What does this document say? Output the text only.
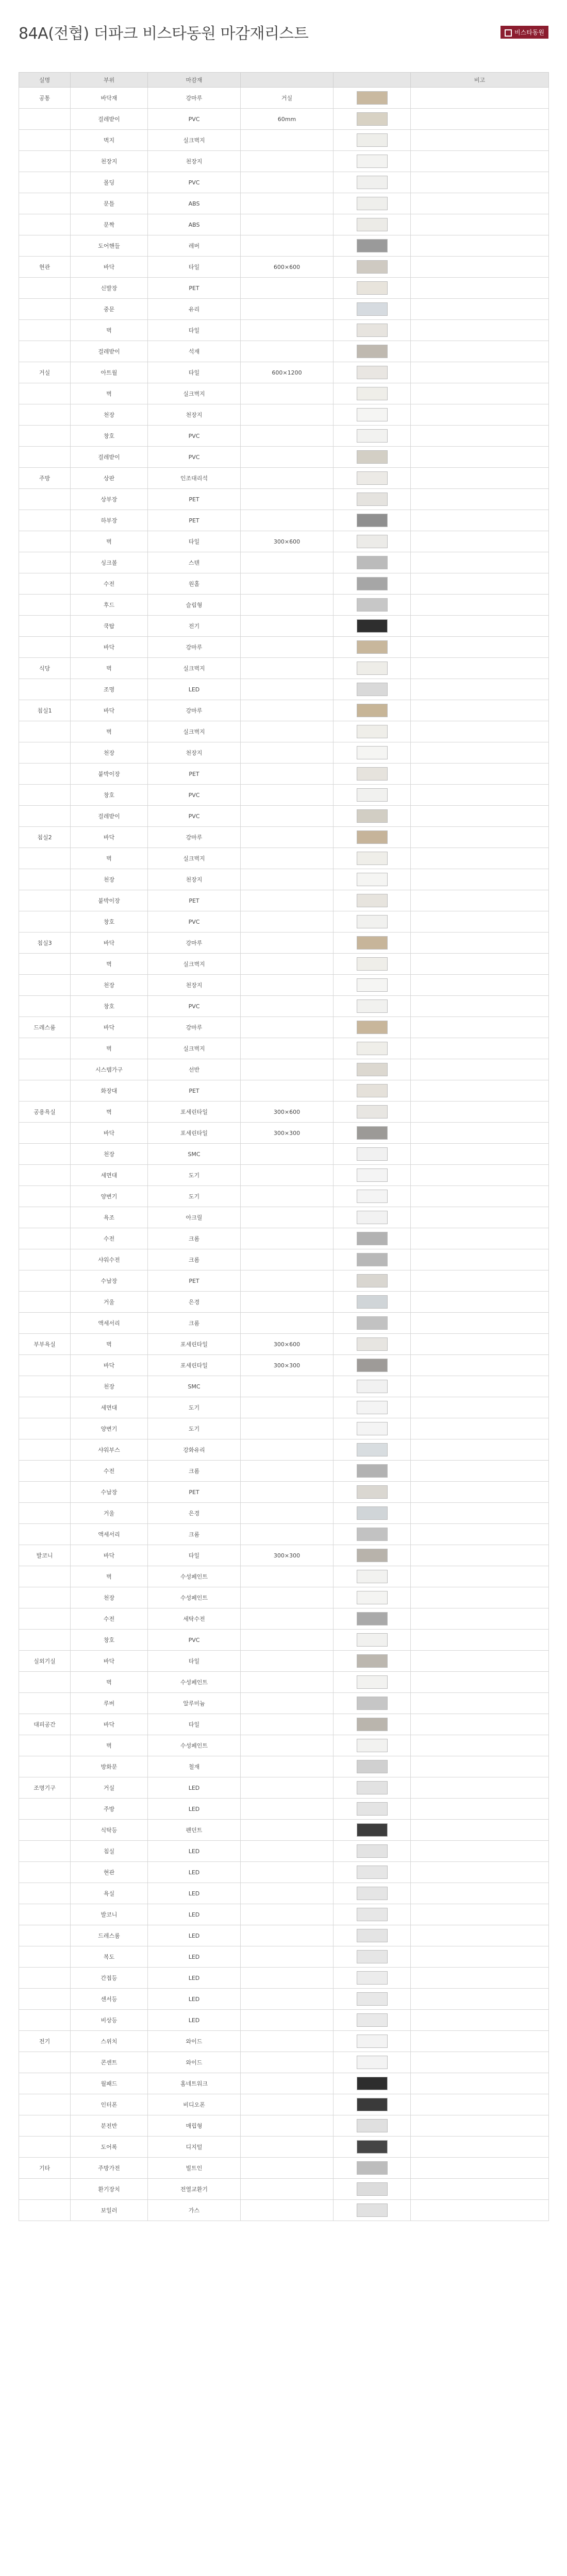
84A(전협) 더파크 비스타동원 마감재리스트	비스타동원
실명	부위	마감재			비고
공통	바닥재	강마루	거실	

	걸레받이	PVC	60mm	

	벽지	실크벽지		

	천장지	천장지		

	몰딩	PVC		

	문틀	ABS		

	문짝	ABS		

	도어핸들	레버		

현관	바닥	타일	600×600	

	신발장	PET		

	중문	유리		

	벽	타일		

	걸레받이	석재		

거실	아트월	타일	600×1200	

	벽	실크벽지		

	천장	천장지		

	창호	PVC		

	걸레받이	PVC		

주방	상판	인조대리석		

	상부장	PET		

	하부장	PET		

	벽	타일	300×600	

	싱크볼	스텐		

	수전	원홀		

	후드	슬림형		

	쿡탑	전기		

	바닥	강마루		

식당	벽	실크벽지		

	조명	LED		

침실1	바닥	강마루		

	벽	실크벽지		

	천장	천장지		

	붙박이장	PET		

	창호	PVC		

	걸레받이	PVC		

침실2	바닥	강마루		

	벽	실크벽지		

	천장	천장지		

	붙박이장	PET		

	창호	PVC		

침실3	바닥	강마루		

	벽	실크벽지		

	천장	천장지		

	창호	PVC		

드레스룸	바닥	강마루		

	벽	실크벽지		

	시스템가구	선반		

	화장대	PET		

공용욕실	벽	포세린타일	300×600	

	바닥	포세린타일	300×300	

	천장	SMC		

	세면대	도기		

	양변기	도기		

	욕조	아크릴		

	수전	크롬		

	샤워수전	크롬		

	수납장	PET		

	거울	은경		

	액세서리	크롬		

부부욕실	벽	포세린타일	300×600	

	바닥	포세린타일	300×300	

	천장	SMC		

	세면대	도기		

	양변기	도기		

	샤워부스	강화유리		

	수전	크롬		

	수납장	PET		

	거울	은경		

	액세서리	크롬		

발코니	바닥	타일	300×300	

	벽	수성페인트		

	천장	수성페인트		

	수전	세탁수전		

	창호	PVC		

실외기실	바닥	타일		

	벽	수성페인트		

	루버	알루미늄		

대피공간	바닥	타일		

	벽	수성페인트		

	방화문	철재		

조명기구	거실	LED		

	주방	LED		

	식탁등	펜던트		

	침실	LED		

	현관	LED		

	욕실	LED		

	발코니	LED		

	드레스룸	LED		

	복도	LED		

	간접등	LED		

	센서등	LED		

	비상등	LED		

전기	스위치	와이드		

	콘센트	와이드		

	월패드	홈네트워크		

	인터폰	비디오폰		

	분전반	매립형		

	도어록	디지털		

기타	주방가전	빌트인		

	환기장치	전열교환기		

	보일러	가스		
